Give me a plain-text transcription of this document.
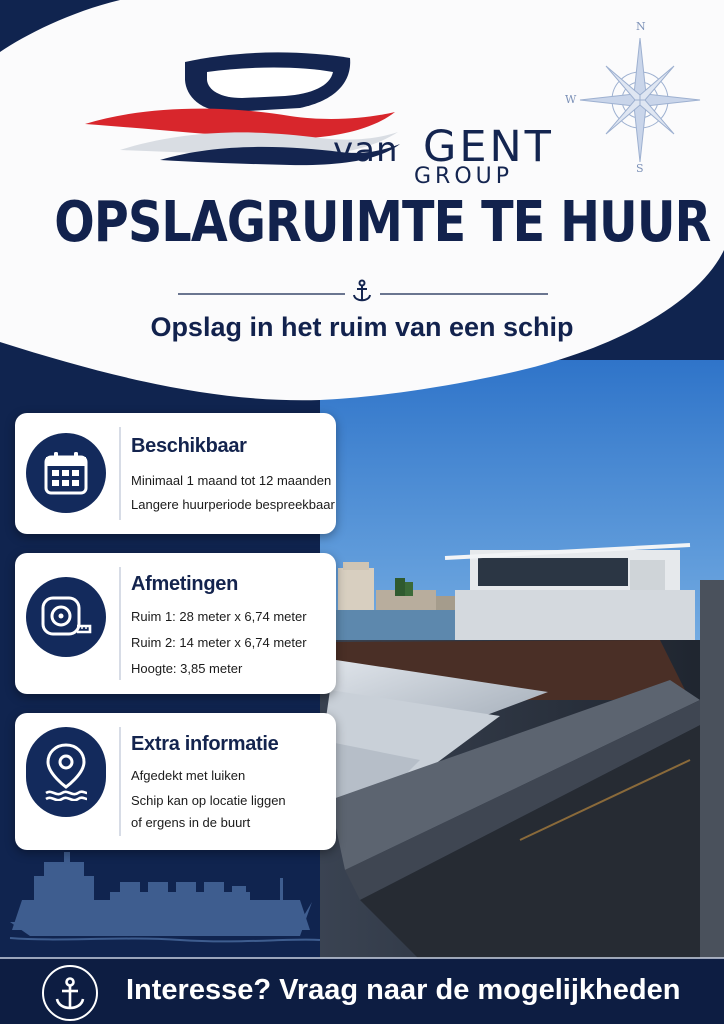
N
S
W
van GENT
GROUP
OPSLAGRUIMTE TE HUUR
Opslag in het ruim van een schip
Beschikbaar
Minimaal 1 maand tot 12 maanden
Langere huurperiode bespreekbaar
Afmetingen
Ruim 1: 28 meter x 6,74 meter
Ruim 2: 14 meter x 6,74 meter
Hoogte: 3,85 meter
Extra informatie
Afgedekt met luiken
Schip kan op locatie liggen
of ergens in de buurt
Interesse? Vraag naar de mogelijkheden
